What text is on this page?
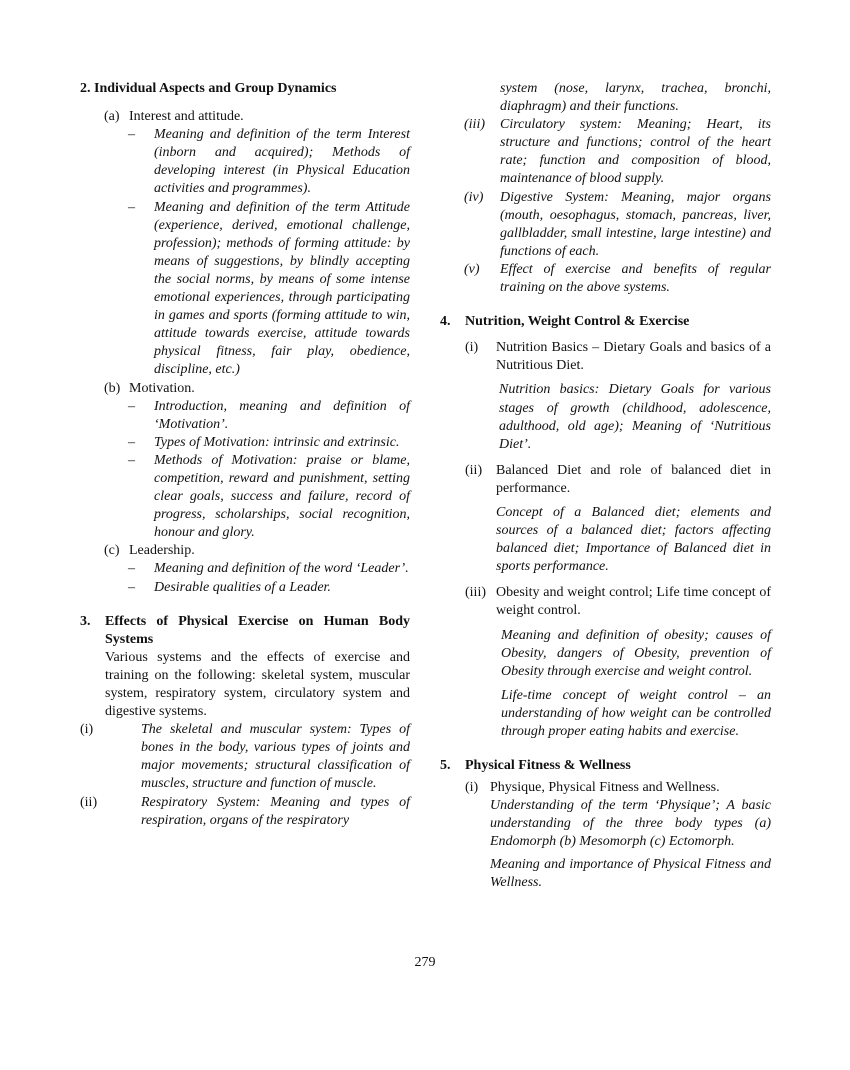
2.
Individual Aspects and Group Dynamics
(a) Interest and attitude.
–	Meaning and definition of the term Interest (inborn and acquired); Methods of developing interest (in Physical Education activities and programmes).
–	Meaning and definition of the term Attitude (experience, derived, emotional challenge, profession); methods of forming attitude: by means of suggestions, by blindly accepting the social norms, by means of some intense emotional experiences, through participating in games and sports (forming attitude to win, attitude towards exercise, attitude towards physical fitness, fair play, obedience, discipline, etc.)
(b) Motivation.
–	Introduction, meaning and definition of ‘Motivation’.
–	Types of Motivation: intrinsic and extrinsic.
–	Methods of Motivation: praise or blame, competition, reward and punishment, setting clear goals, success and failure, record of progress, scholarships, social recognition, honour and glory.
(c) Leadership.
–	Meaning and definition of the word ‘Leader’.
–	Desirable qualities of a Leader.
3.	Effects of Physical Exercise on Human Body Systems
Various systems and the effects of exercise and training on the following: skeletal system, muscular system, respiratory system, circulatory system and digestive systems.
(i)	The skeletal and muscular system: Types of bones in the body, various types of joints and major movements; structural classification of muscles, structure and function of muscle.
(ii)	Respiratory System: Meaning and types of respiration, organs of the respiratory
system (nose, larynx, trachea, bronchi, diaphragm) and their functions.
(iii)	Circulatory system: Meaning; Heart, its structure and functions; control of the heart rate; function and composition of blood, maintenance of blood supply.
(iv)	Digestive System: Meaning, major organs (mouth, oesophagus, stomach, pancreas, liver, gallbladder, small intestine, large intestine) and functions of each.
(v)	Effect of exercise and benefits of regular training on the above systems.
4.	Nutrition, Weight Control & Exercise
(i)	Nutrition Basics – Dietary Goals and basics of a Nutritious Diet.
Nutrition basics: Dietary Goals for various stages of growth (childhood, adolescence, adulthood, old age); Meaning of ‘Nutritious Diet’.
(ii) Balanced Diet and role of balanced diet in performance.
Concept of a Balanced diet; elements and sources of a balanced diet; factors affecting balanced diet; Importance of Balanced diet in sports performance.
(iii) Obesity and weight control; Life time concept of weight control.
Meaning and definition of obesity; causes of Obesity, dangers of Obesity, prevention of Obesity through exercise and weight control.
Life-time concept of weight control – an understanding of how weight can be controlled through proper eating habits and exercise.
5.	Physical Fitness & Wellness
(i) Physique, Physical Fitness and Wellness.
Understanding of the term ‘Physique’; A basic understanding of the three body types (a) Endomorph (b) Mesomorph (c) Ectomorph.
Meaning and importance of Physical Fitness and Wellness.
279
